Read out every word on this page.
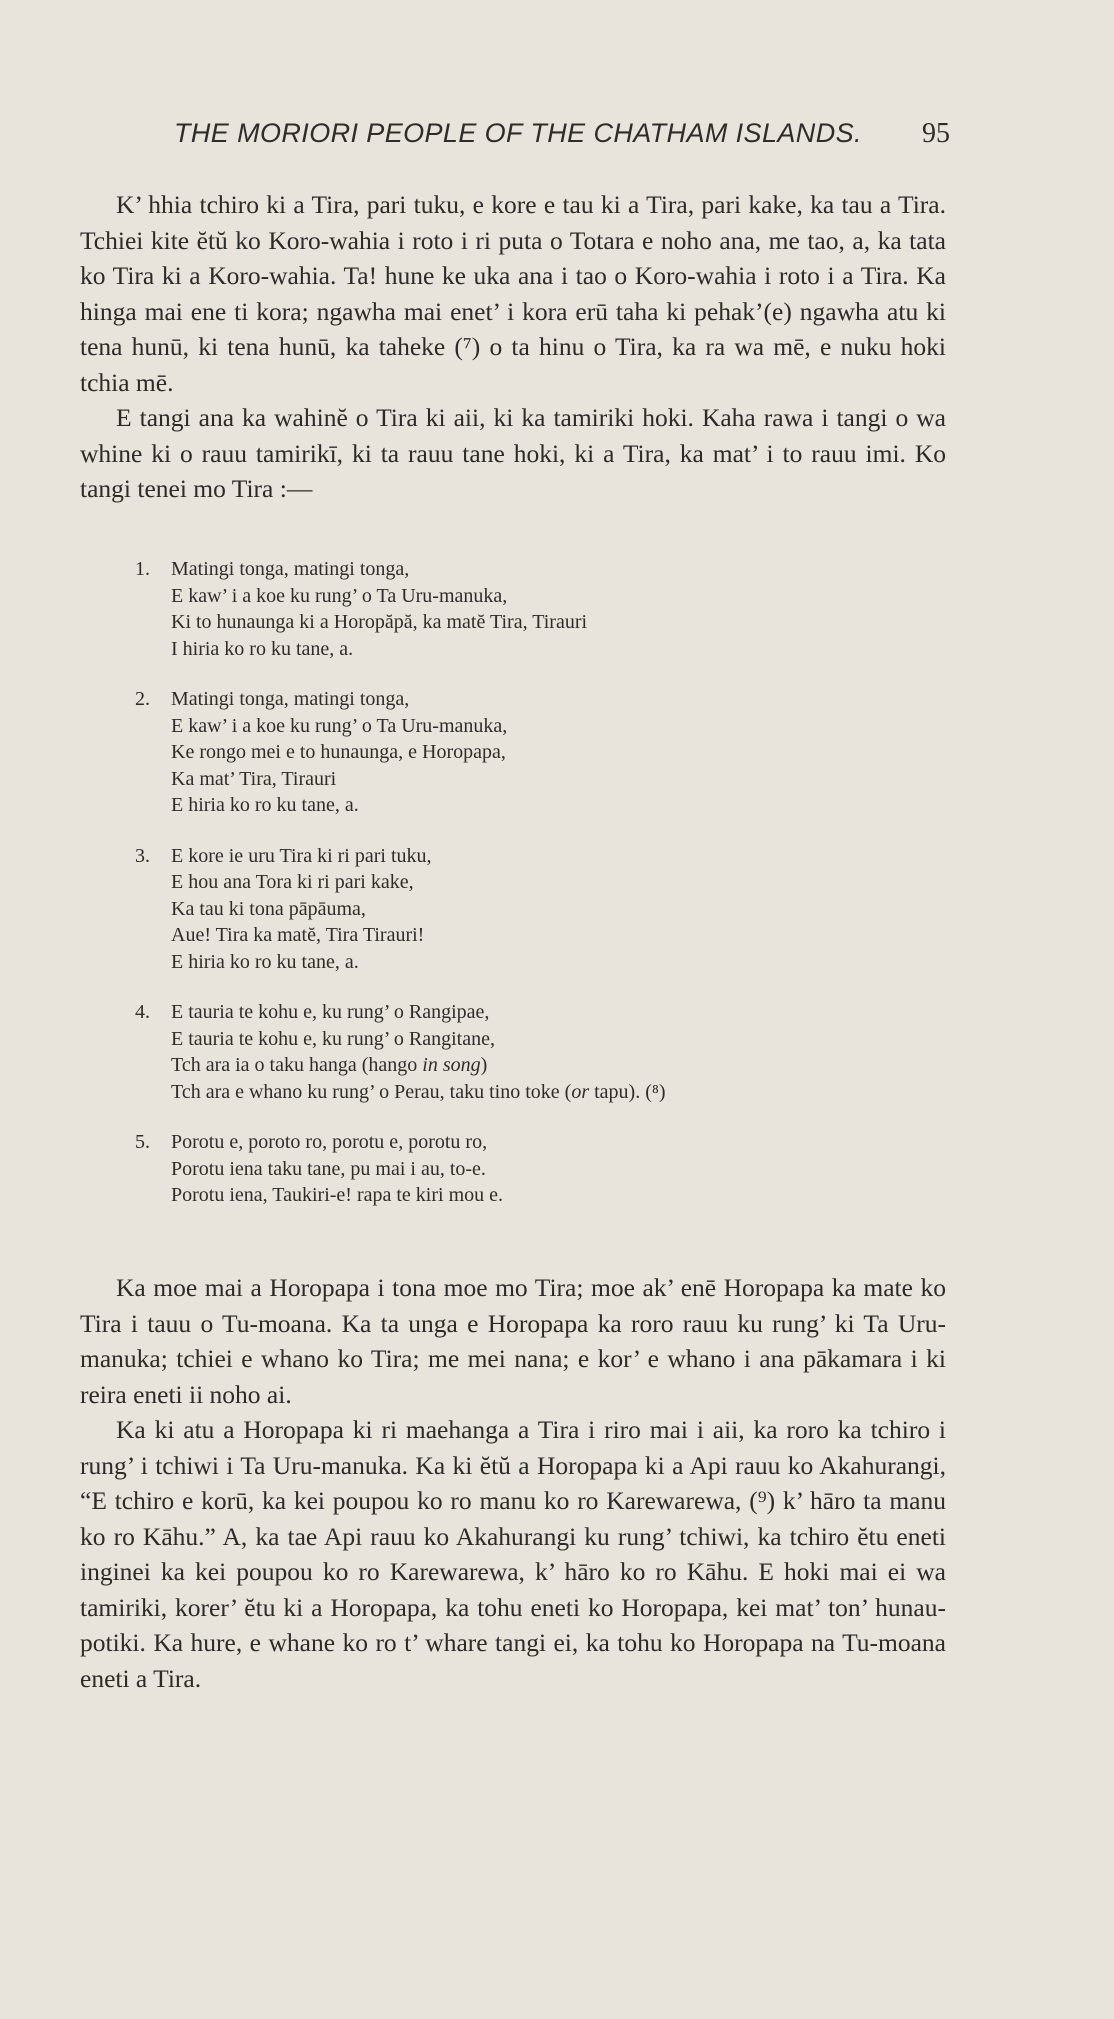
THE MORIORI PEOPLE OF THE CHATHAM ISLANDS. 95

K’ hhia tchiro ki a Tira, pari tuku, e kore e tau ki a Tira, pari kake, ka tau a Tira. Tchiei kite ĕtŭ ko Koro-wahia i roto i ri puta o Totara e noho ana, me tao, a, ka tata ko Tira ki a Koro-wahia. Ta! hune ke uka ana i tao o Koro-wahia i roto i a Tira. Ka hinga mai ene ti kora; ngawha mai enet’ i kora erū taha ki pehak’(e) ngawha atu ki tena hunū, ki tena hunū, ka taheke (⁷) o ta hinu o Tira, ka ra wa mē, e nuku hoki tchia mē.

E tangi ana ka wahinĕ o Tira ki aii, ki ka tamiriki hoki. Kaha rawa i tangi o wa whine ki o rauu tamirikī, ki ta rauu tane hoki, ki a Tira, ka mat’ i to rauu imi. Ko tangi tenei mo Tira :—

1. Matingi tonga, matingi tonga,
E kaw’ i a koe ku rung’ o Ta Uru-manuka,
Ki to hunaunga ki a Horopăpă, ka matĕ Tira, Tirauri
I hiria ko ro ku tane, a.
2. Matingi tonga, matingi tonga,
E kaw’ i a koe ku rung’ o Ta Uru-manuka,
Ke rongo mei e to hunaunga, e Horopapa,
Ka mat’ Tira, Tirauri
E hiria ko ro ku tane, a.
3. E kore ie uru Tira ki ri pari tuku,
E hou ana Tora ki ri pari kake,
Ka tau ki tona pāpāuma,
Aue! Tira ka matĕ, Tira Tirauri!
E hiria ko ro ku tane, a.
4. E tauria te kohu e, ku rung’ o Rangipae,
E tauria te kohu e, ku rung’ o Rangitane,
Tch ara ia o taku hanga (hango in song)
Tch ara e whano ku rung’ o Perau, taku tino toke (or tapu). (⁸)
5. Porotu e, poroto ro, porotu e, porotu ro,
Porotu iena taku tane, pu mai i au, to-e.
Porotu iena, Taukiri-e! rapa te kiri mou e.

Ka moe mai a Horopapa i tona moe mo Tira; moe ak’ enē Horopapa ka mate ko Tira i tauu o Tu-moana. Ka ta unga e Horopapa ka roro rauu ku rung’ ki Ta Uru-manuka; tchiei e whano ko Tira; me mei nana; e kor’ e whano i ana pākamara i ki reira eneti ii noho ai.

Ka ki atu a Horopapa ki ri maehanga a Tira i riro mai i aii, ka roro ka tchiro i rung’ i tchiwi i Ta Uru-manuka. Ka ki ĕtŭ a Horopapa ki a Api rauu ko Akahurangi, “E tchiro e korū, ka kei poupou ko ro manu ko ro Karewarewa, (⁹) k’ hāro ta manu ko ro Kāhu.” A, ka tae Api rauu ko Akahurangi ku rung’ tchiwi, ka tchiro ĕtu eneti inginei ka kei poupou ko ro Karewarewa, k’ hāro ko ro Kāhu. E hoki mai ei wa tamiriki, korer’ ĕtu ki a Horopapa, ka tohu eneti ko Horopapa, kei mat’ ton’ hunau-potiki. Ka hure, e whane ko ro t’ whare tangi ei, ka tohu ko Horopapa na Tu-moana eneti a Tira.
